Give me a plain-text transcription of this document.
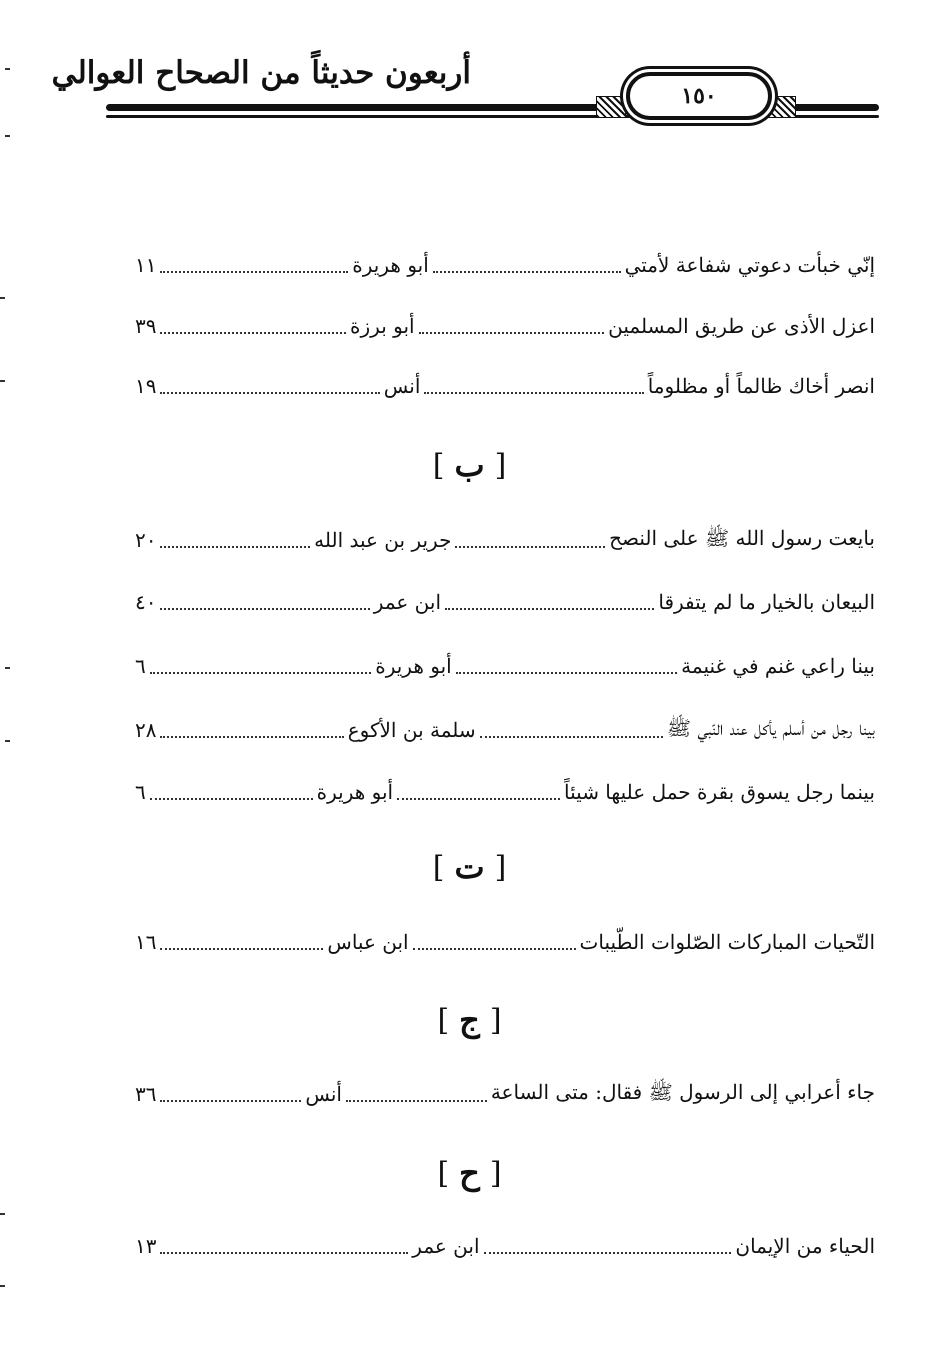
أربعون حديثاً من الصحاح العوالي
١٥٠
إنّي خبأت دعوتي شفاعة لأمتي
أبو هريرة
١١
اعزل الأذى عن طريق المسلمين
أبو برزة
٣٩
انصر أخاك ظالماً أو مظلوماً
أنس
١٩
[
ب
]
بايعت رسول الله ﷺ على النصح
جرير بن عبد الله
٢٠
البيعان بالخيار ما لم يتفرقا
ابن عمر
٤٠
بينا راعي غنم في غنيمة
أبو هريرة
٦
بينا رجل من أسلم يأكل عند النّبي ﷺ
سلمة بن الأكوع
٢٨
بينما رجل يسوق بقرة حمل عليها شيئاً
أبو هريرة
٦
[
ت
]
التّحيات المباركات الصّلوات الطّيبات
ابن عباس
١٦
[
ج
]
جاء أعرابي إلى الرسول ﷺ فقال: متى الساعة
أنس
٣٦
[
ح
]
الحياء من الإيمان
ابن عمر
١٣
